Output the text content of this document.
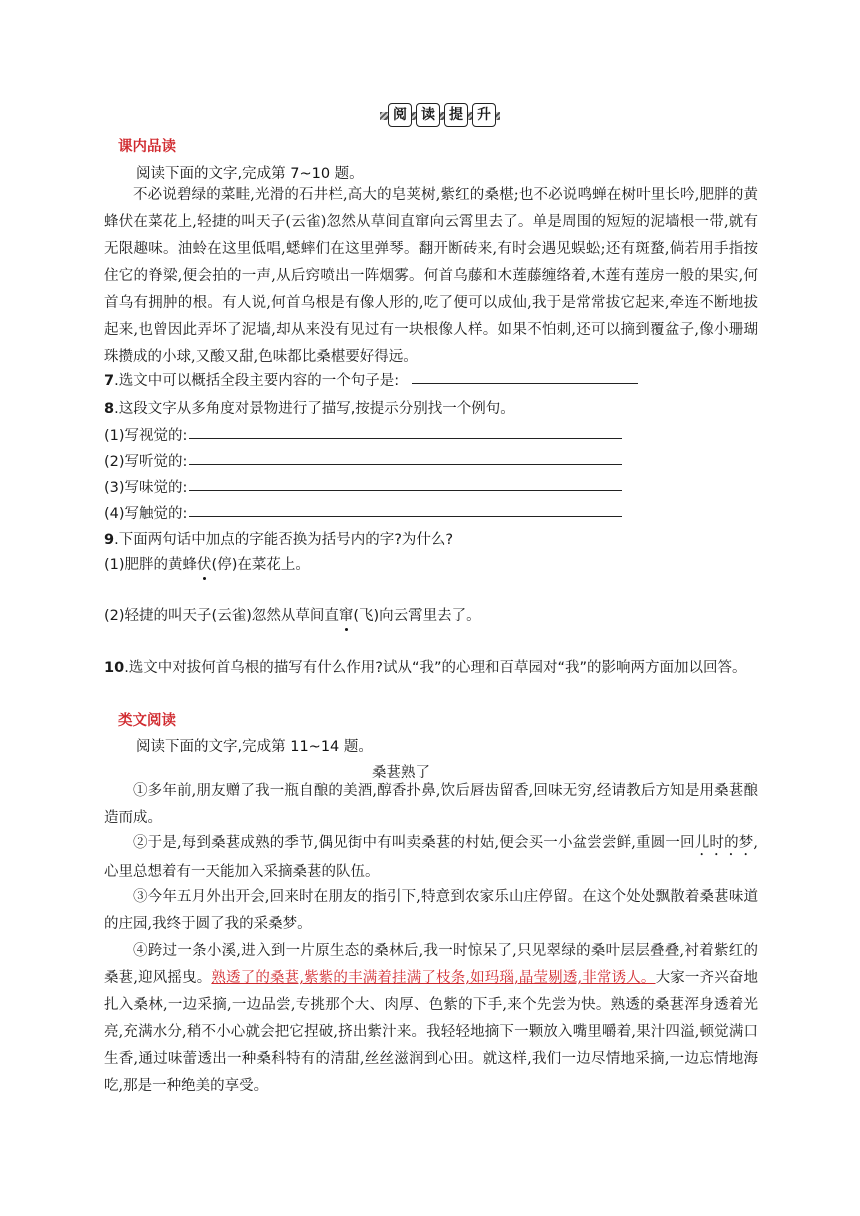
阅	读	提	升
课内品读
阅读下面的文字,完成第 7~10 题。
不必说碧绿的菜畦,光滑的石井栏,高大的皂荚树,紫红的桑椹;也不必说鸣蝉在树叶里长吟,肥胖的黄蜂伏在菜花上,轻捷的叫天子(云雀)忽然从草间直窜向云霄里去了。单是周围的短短的泥墙根一带,就有无限趣味。油蛉在这里低唱,蟋蟀们在这里弹琴。翻开断砖来,有时会遇见蜈蚣;还有斑蝥,倘若用手指按住它的脊梁,便会拍的一声,从后窍喷出一阵烟雾。何首乌藤和木莲藤缠络着,木莲有莲房一般的果实,何首乌有拥肿的根。有人说,何首乌根是有像人形的,吃了便可以成仙,我于是常常拔它起来,牵连不断地拔起来,也曾因此弄坏了泥墙,却从来没有见过有一块根像人样。如果不怕刺,还可以摘到覆盆子,像小珊瑚珠攒成的小球,又酸又甜,色味都比桑椹要好得远。
7.选文中可以概括全段主要内容的一个句子是:
8.这段文字从多角度对景物进行了描写,按提示分别找一个例句。
(1)写视觉的:
(2)写听觉的:
(3)写味觉的:
(4)写触觉的:
9.下面两句话中加点的字能否换为括号内的字?为什么?
(1)肥胖的黄蜂伏
(停)在菜花上。
(2)轻捷的叫天子(云雀)忽然从草间直窜
(飞)向云霄里去了。
10.选文中对拔何首乌根的描写有什么作用?试从“我”的心理和百草园对“我”的影响两方面加以回答。
类文阅读
阅读下面的文字,完成第 11~14 题。
桑葚熟了
①多年前,朋友赠了我一瓶自酿的美酒,醇香扑鼻,饮后唇齿留香,回味无穷,经请教后方知是用桑葚酿造而成。
②于是,每到桑葚成熟的季节,偶见街中有叫卖桑葚的村姑,便会买一小盆尝尝鲜,重圆一回儿时的梦,心里总想着有一天能加入采摘桑葚的队伍。
③今年五月外出开会,回来时在朋友的指引下,特意到农家乐山庄停留。在这个处处飘散着桑葚味道的庄园,我终于圆了我的采桑梦。
④跨过一条小溪,进入到一片原生态的桑林后,我一时惊呆了,只见翠绿的桑叶层层叠叠,衬着紫红的桑葚,迎风摇曳。熟透了的桑葚,紫紫的丰满着挂满了枝条,如玛瑙,晶莹剔透,非常诱人。大家一齐兴奋地扎入桑林,一边采摘,一边品尝,专挑那个大、肉厚、色紫的下手,来个先尝为快。熟透的桑葚浑身透着光亮,充满水分,稍不小心就会把它捏破,挤出紫汁来。我轻轻地摘下一颗放入嘴里嚼着,果汁四溢,顿觉满口生香,通过味蕾透出一种桑科特有的清甜,丝丝滋润到心田。就这样,我们一边尽情地采摘,一边忘情地海吃,那是一种绝美的享受。
